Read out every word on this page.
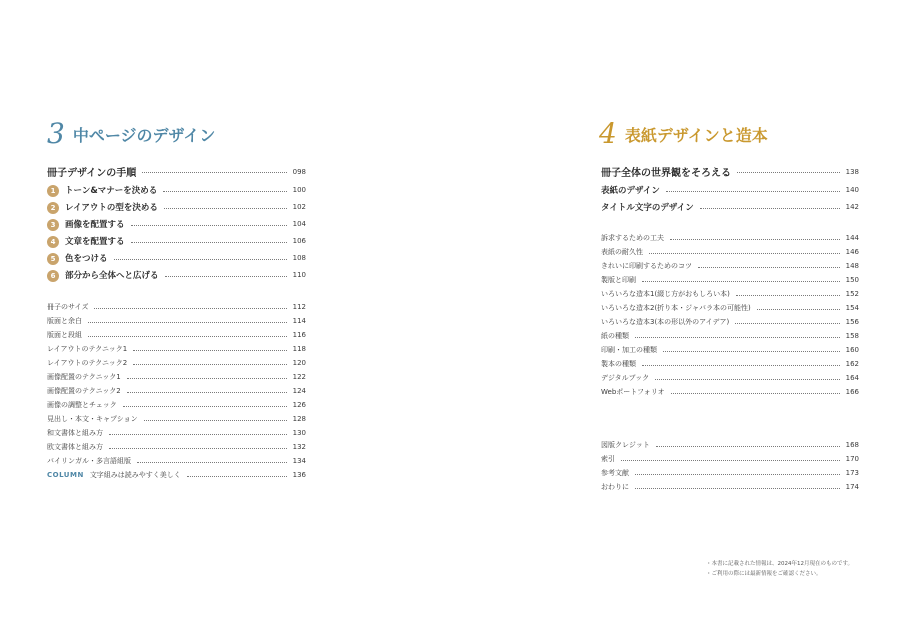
3 中ページのデザイン
冊子デザインの手順	098
1 トーン&マナーを決める	100
2 レイアウトの型を決める	102
3 画像を配置する	104
4 文章を配置する	106
5 色をつける	108
6 部分から全体へと広げる	110
冊子のサイズ	112
版面と余白	114
版面と段組	116
レイアウトのテクニック1	118
レイアウトのテクニック2	120
画像配置のテクニック1	122
画像配置のテクニック2	124
画像の調整とチェック	126
見出し・本文・キャプション	128
和文書体と組み方	130
欧文書体と組み方	132
バイリンガル・多言語組版	134
COLUMN 文字組みは読みやすく美しく	136
4 表紙デザインと造本
冊子全体の世界観をそろえる	138
表紙のデザイン	140
タイトル文字のデザイン	142
訴求するための工夫	144
表紙の耐久性	146
きれいに印刷するためのコツ	148
製版と印刷	150
いろいろな造本1(綴じ方がおもしろい本)	152
いろいろな造本2(折り本・ジャバラ本の可能性)	154
いろいろな造本3(本の形以外のアイデア)	156
紙の種類	158
印刷・加工の種類	160
製本の種類	162
デジタルブック	164
Webポートフォリオ	166
図版クレジット	168
索引	170
参考文献	173
おわりに	174
・本書に記載された情報は、2024年12月現在のものです。
・ご利用の際には最新情報をご確認ください。
